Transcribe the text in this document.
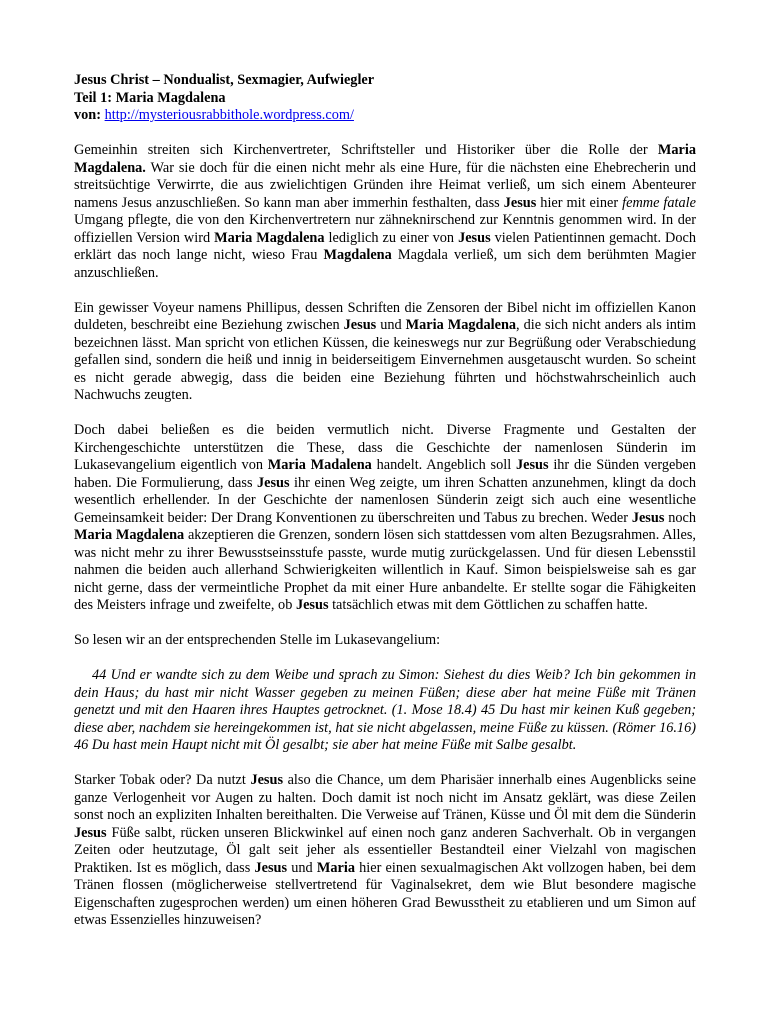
Jesus Christ – Nondualist, Sexmagier, Aufwiegler
Teil 1: Maria Magdalena
von: http://mysteriousrabbithole.wordpress.com/

Gemeinhin streiten sich Kirchenvertreter, Schriftsteller und Historiker über die Rolle der Maria Magdalena. War sie doch für die einen nicht mehr als eine Hure, für die nächsten eine Ehebrecherin und streitsüchtige Verwirrte, die aus zwielichtigen Gründen ihre Heimat verließ, um sich einem Abenteurer namens Jesus anzuschließen. So kann man aber immerhin festhalten, dass Jesus hier mit einer femme fatale Umgang pflegte, die von den Kirchenvertretern nur zähneknirschend zur Kenntnis genommen wird. In der offiziellen Version wird Maria Magdalena lediglich zu einer von Jesus vielen Patientinnen gemacht. Doch erklärt das noch lange nicht, wieso Frau Magdalena Magdala verließ, um sich dem berühmten Magier anzuschließen.

Ein gewisser Voyeur namens Phillipus, dessen Schriften die Zensoren der Bibel nicht im offiziellen Kanon duldeten, beschreibt eine Beziehung zwischen Jesus und Maria Magdalena, die sich nicht anders als intim bezeichnen lässt. Man spricht von etlichen Küssen, die keineswegs nur zur Begrüßung oder Verabschiedung gefallen sind, sondern die heiß und innig in beiderseitigem Einvernehmen ausgetauscht wurden. So scheint es nicht gerade abwegig, dass die beiden eine Beziehung führten und höchstwahrscheinlich auch Nachwuchs zeugten.

Doch dabei beließen es die beiden vermutlich nicht. Diverse Fragmente und Gestalten der Kirchengeschichte unterstützen die These, dass die Geschichte der namenlosen Sünderin im Lukasevangelium eigentlich von Maria Madalena handelt. Angeblich soll Jesus ihr die Sünden vergeben haben. Die Formulierung, dass Jesus ihr einen Weg zeigte, um ihren Schatten anzunehmen, klingt da doch wesentlich erhellender. In der Geschichte der namenlosen Sünderin zeigt sich auch eine wesentliche Gemeinsamkeit beider: Der Drang Konventionen zu überschreiten und Tabus zu brechen. Weder Jesus noch Maria Magdalena akzeptieren die Grenzen, sondern lösen sich stattdessen vom alten Bezugsrahmen. Alles, was nicht mehr zu ihrer Bewusstseinsstufe passte, wurde mutig zurückgelassen. Und für diesen Lebensstil nahmen die beiden auch allerhand Schwierigkeiten willentlich in Kauf. Simon beispielsweise sah es gar nicht gerne, dass der vermeintliche Prophet da mit einer Hure anbandelte. Er stellte sogar die Fähigkeiten des Meisters infrage und zweifelte, ob Jesus tatsächlich etwas mit dem Göttlichen zu schaffen hatte.

So lesen wir an der entsprechenden Stelle im Lukasevangelium:

44 Und er wandte sich zu dem Weibe und sprach zu Simon: Siehest du dies Weib? Ich bin gekommen in dein Haus; du hast mir nicht Wasser gegeben zu meinen Füßen; diese aber hat meine Füße mit Tränen genetzt und mit den Haaren ihres Hauptes getrocknet. (1. Mose 18.4) 45 Du hast mir keinen Kuß gegeben; diese aber, nachdem sie hereingekommen ist, hat sie nicht abgelassen, meine Füße zu küssen. (Römer 16.16) 46 Du hast mein Haupt nicht mit Öl gesalbt; sie aber hat meine Füße mit Salbe gesalbt.

Starker Tobak oder? Da nutzt Jesus also die Chance, um dem Pharisäer innerhalb eines Augenblicks seine ganze Verlogenheit vor Augen zu halten. Doch damit ist noch nicht im Ansatz geklärt, was diese Zeilen sonst noch an expliziten Inhalten bereithalten. Die Verweise auf Tränen, Küsse und Öl mit dem die Sünderin Jesus Füße salbt, rücken unseren Blickwinkel auf einen noch ganz anderen Sachverhalt. Ob in vergangen Zeiten oder heutzutage, Öl galt seit jeher als essentieller Bestandteil einer Vielzahl von magischen Praktiken. Ist es möglich, dass Jesus und Maria hier einen sexualmagischen Akt vollzogen haben, bei dem Tränen flossen (möglicherweise stellvertretend für Vaginalsekret, dem wie Blut besondere magische Eigenschaften zugesprochen werden) um einen höheren Grad Bewusstheit zu etablieren und um Simon auf etwas Essenzielles hinzuweisen?
